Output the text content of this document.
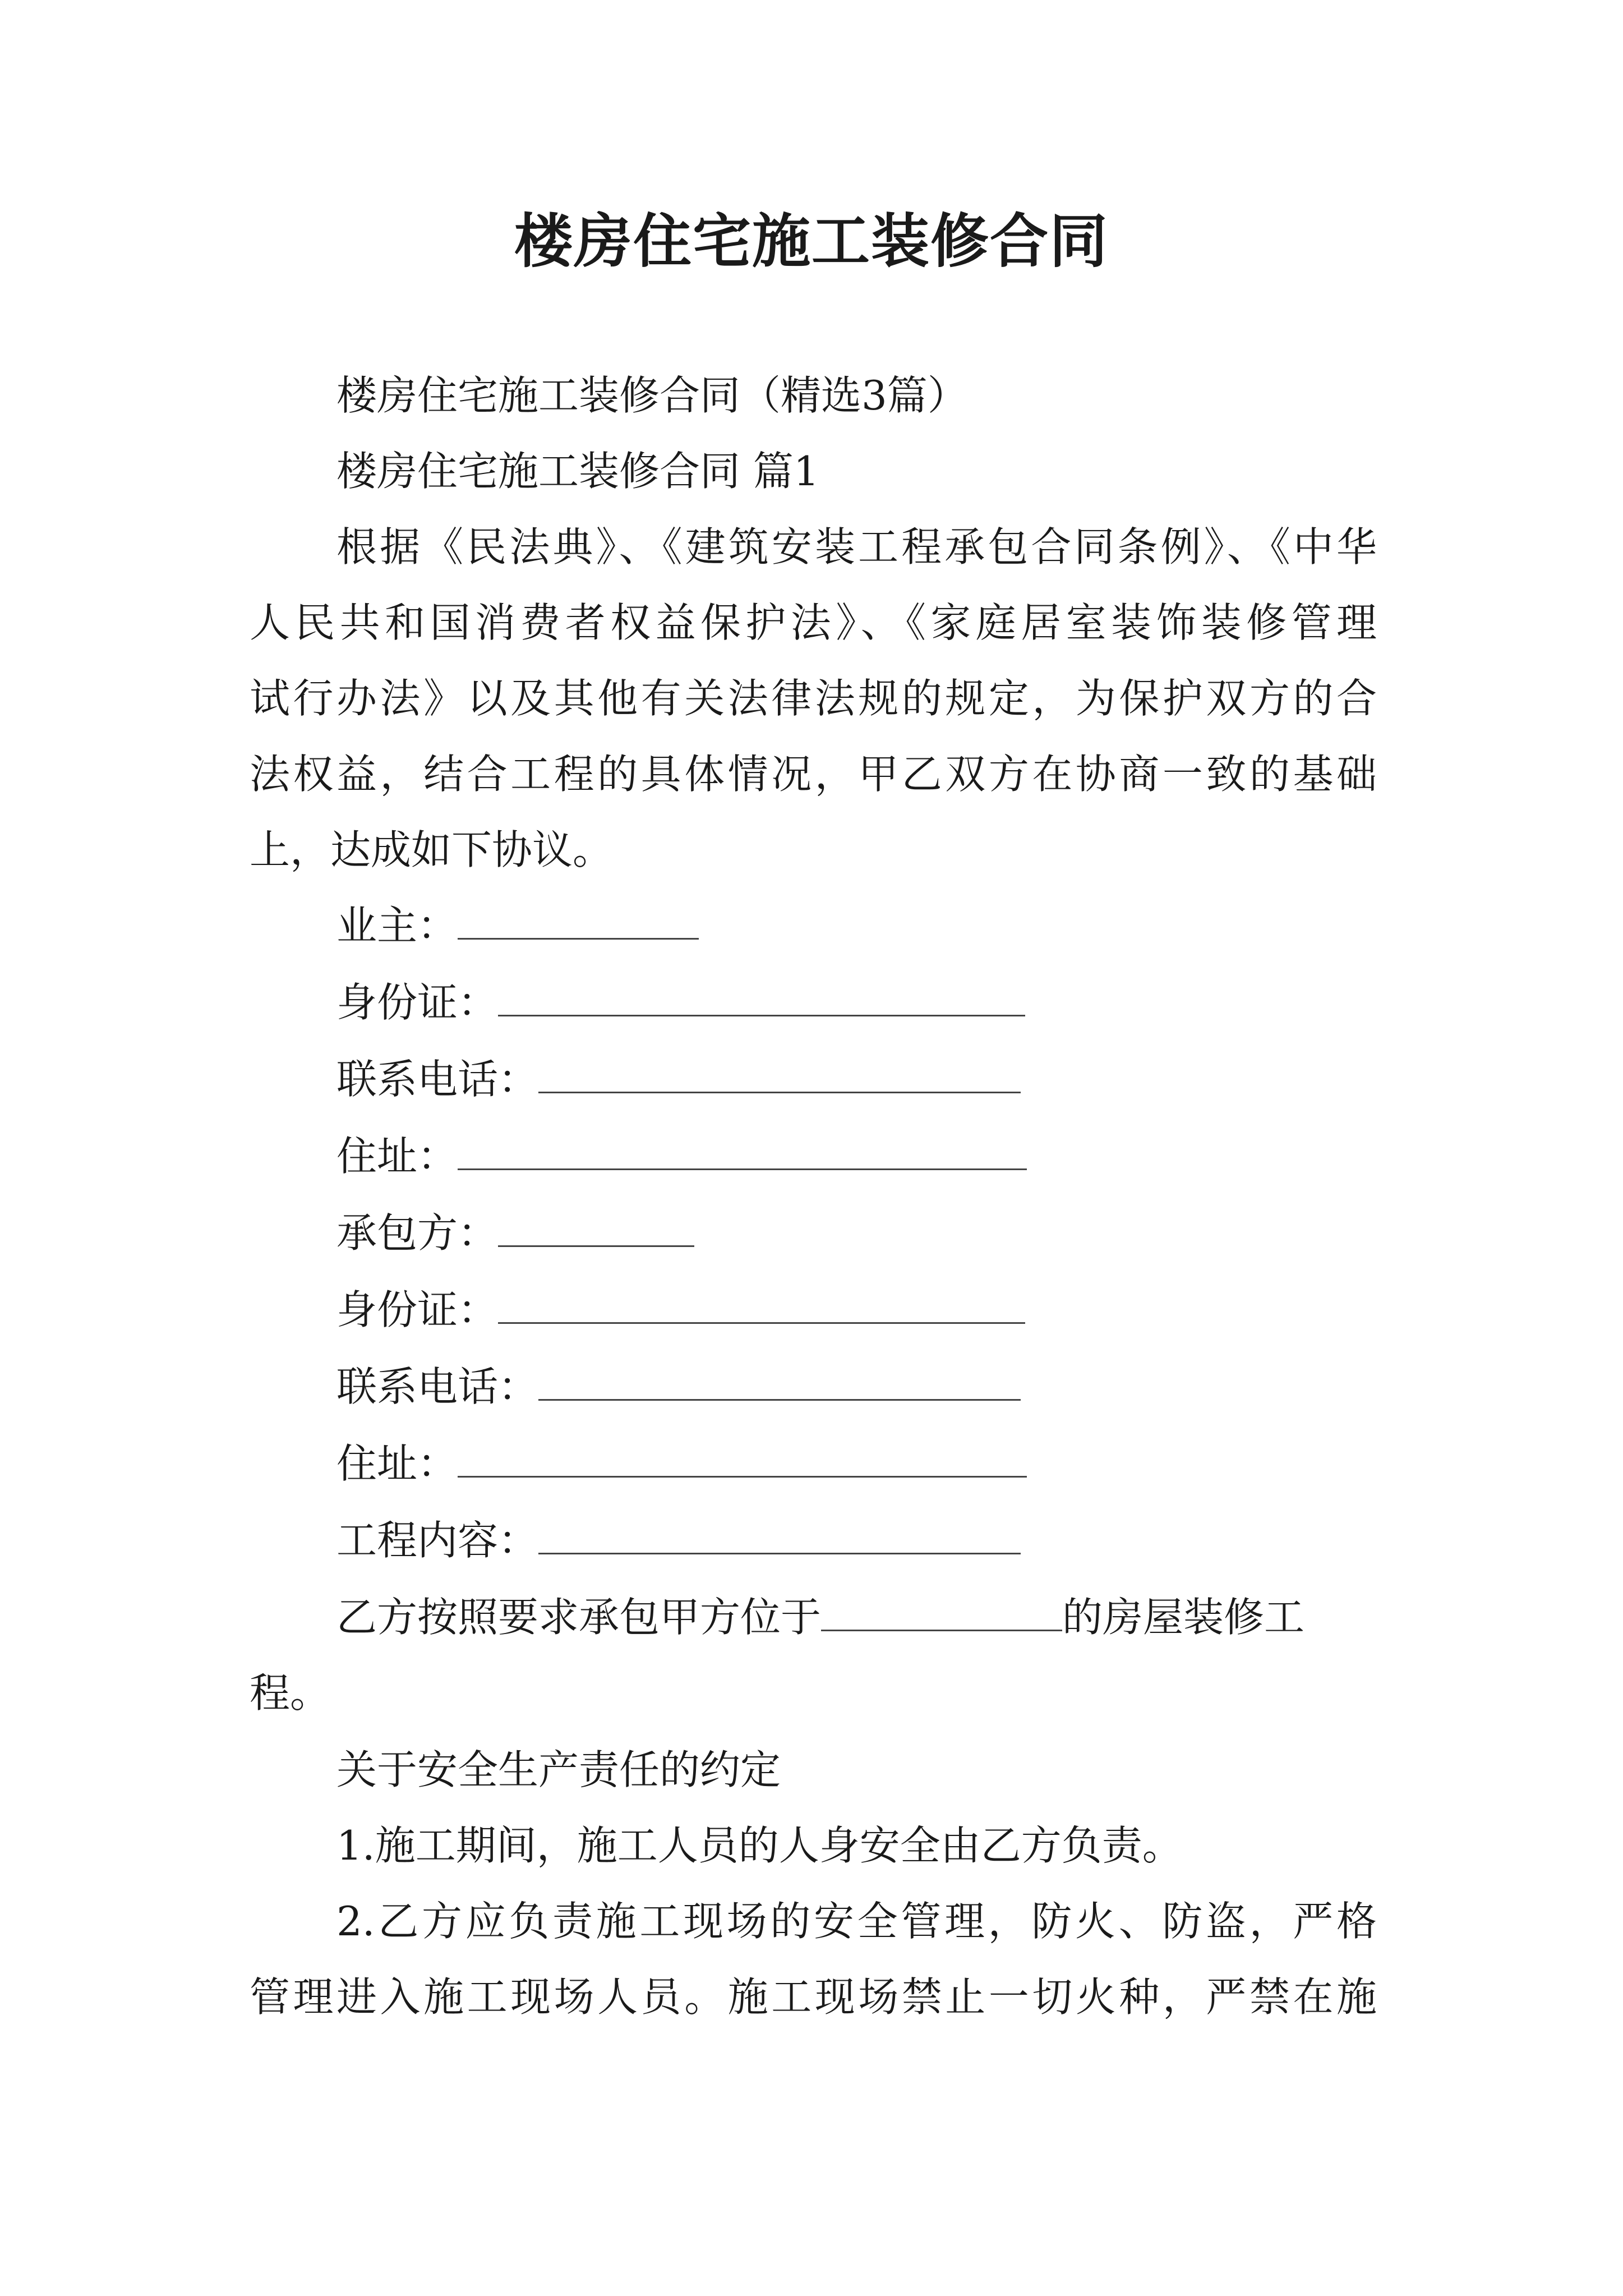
楼房住宅施工装修合同
楼房住宅施工装修合同（精选3篇）
楼房住宅施工装修合同 篇1
根据《民法典》、《建筑安装工程承包合同条例》、《中华
人民共和国消费者权益保护法》、《家庭居室装饰装修管理
试行办法》以及其他有关法律法规的规定，为保护双方的合
法权益，结合工程的具体情况，甲乙双方在协商一致的基础
上，达成如下协议。
业主：
身份证：
联系电话：
住址：
承包方：
身份证：
联系电话：
住址：
工程内容：
乙方按照要求承包甲方位于	的房屋装修工
程。
关于安全生产责任的约定
1.施工期间，施工人员的人身安全由乙方负责。
2.乙方应负责施工现场的安全管理，防火、防盗，严格
管理进入施工现场人员。施工现场禁止一切火种，严禁在施
